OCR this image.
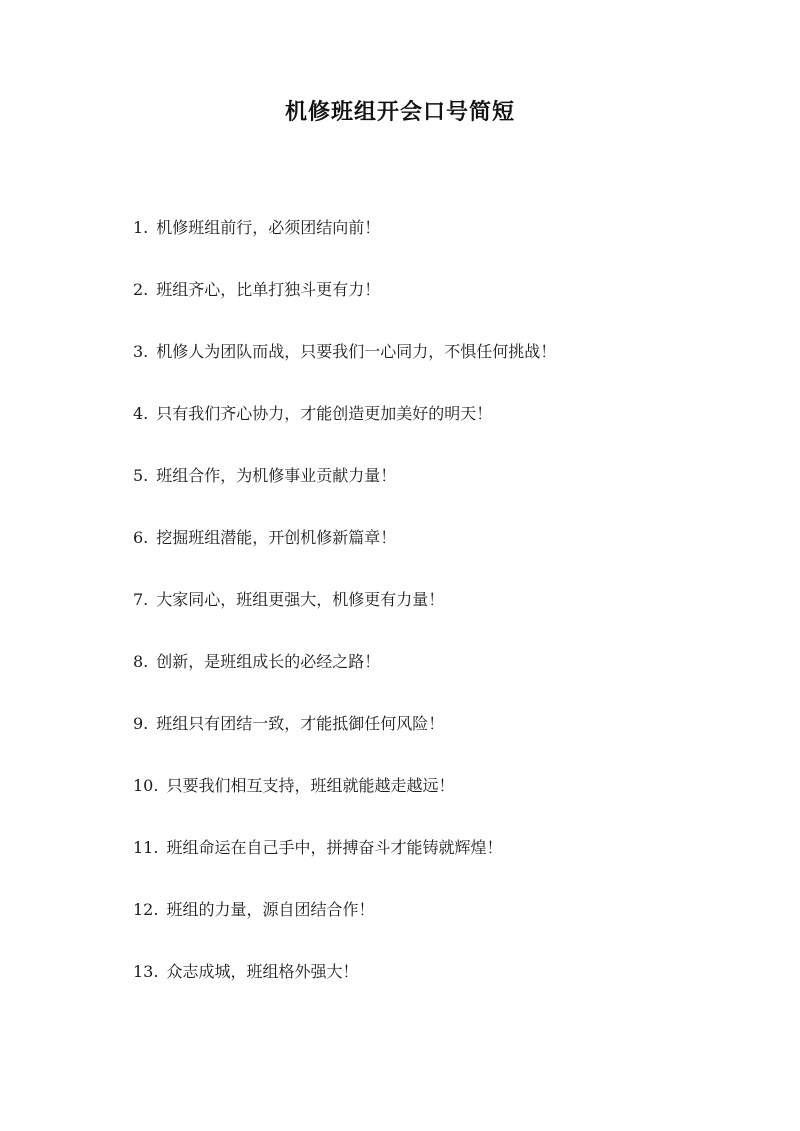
机修班组开会口号简短
1. 机修班组前行，必须团结向前！
2. 班组齐心，比单打独斗更有力！
3. 机修人为团队而战，只要我们一心同力，不惧任何挑战！
4. 只有我们齐心协力，才能创造更加美好的明天！
5. 班组合作，为机修事业贡献力量！
6. 挖掘班组潜能，开创机修新篇章！
7. 大家同心，班组更强大，机修更有力量！
8. 创新，是班组成长的必经之路！
9. 班组只有团结一致，才能抵御任何风险！
10. 只要我们相互支持，班组就能越走越远！
11. 班组命运在自己手中，拼搏奋斗才能铸就辉煌！
12. 班组的力量，源自团结合作！
13. 众志成城，班组格外强大！
